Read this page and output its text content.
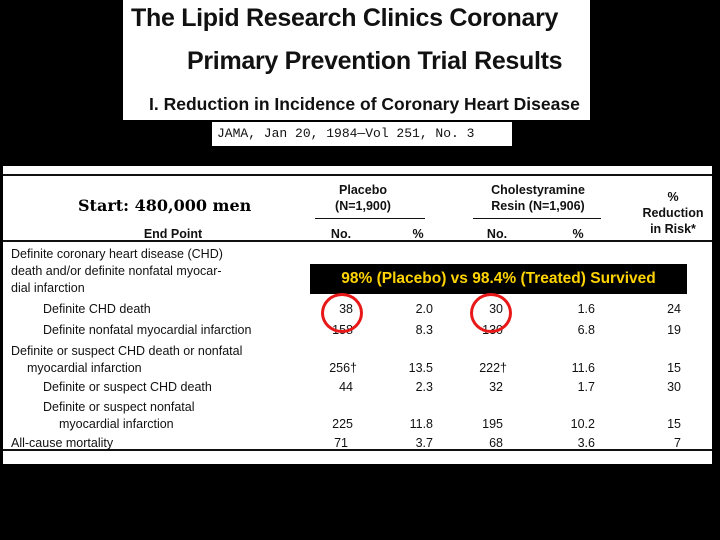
The Lipid Research Clinics Coronary
Primary Prevention Trial Results
I. Reduction in Incidence of Coronary Heart Disease
JAMA, Jan 20, 1984—Vol 251, No. 3
Placebo
(N=1,900)
Cholestyramine
Resin (N=1,906)
%
Reduction
in Risk*
End Point	No.	%	No.	%
Start: 480,000 men
Definite coronary heart disease (CHD)
death and/or definite nonfatal myocar-
dial infarction
98% (Placebo) vs 98.4% (Treated) Survived
Definite CHD death	38	2.0	30	1.6	24
Definite nonfatal myocardial infarction	158	8.3	130	6.8	19
Definite or suspect CHD death or nonfatal
myocardial infarction	256†	13.5	222†	11.6	15
Definite or suspect CHD death	44	2.3	32	1.7	30
Definite or suspect nonfatal
myocardial infarction	225	11.8	195	10.2	15
All-cause mortality	71	3.7	68	3.6	7
